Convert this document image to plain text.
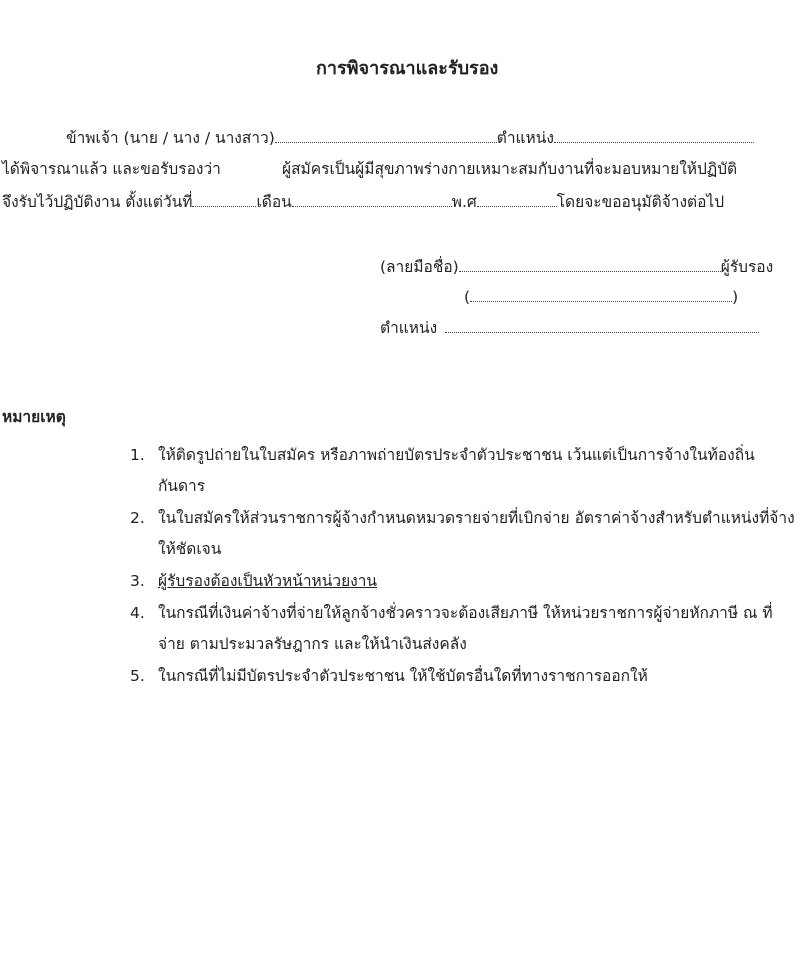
การพิจารณาและรับรอง
ข้าพเจ้า (นาย / นาง / นางสาว)	ตำแหน่ง
ได้พิจารณาแล้ว และขอรับรองว่า	ผู้สมัครเป็นผู้มีสุขภาพร่างกายเหมาะสมกับงานที่จะมอบหมายให้ปฏิบัติ
จึงรับไว้ปฏิบัติงาน ตั้งแต่วันที่	เดือน	พ.ศ	โดยจะขออนุมัติจ้างต่อไป
(ลายมือชื่อ)	ผู้รับรอง
(	)
ตำแหน่ง
หมายเหตุ
1. ให้ติดรูปถ่ายในใบสมัคร หรือภาพถ่ายบัตรประจำตัวประชาชน เว้นแต่เป็นการจ้างในท้องถิ่นกันดาร
2. ในใบสมัครให้ส่วนราชการผู้จ้างกำหนดหมวดรายจ่ายที่เบิกจ่าย อัตราค่าจ้างสำหรับตำแหน่งที่จ้างให้ชัดเจน
3. ผู้รับรองต้องเป็นหัวหน้าหน่วยงาน
4. ในกรณีที่เงินค่าจ้างที่จ่ายให้ลูกจ้างชั่วคราวจะต้องเสียภาษี ให้หน่วยราชการผู้จ่ายหักภาษี ณ ที่จ่าย ตามประมวลรัษฎากร และให้นำเงินส่งคลัง
5. ในกรณีที่ไม่มีบัตรประจำตัวประชาชน ให้ใช้บัตรอื่นใดที่ทางราชการออกให้
